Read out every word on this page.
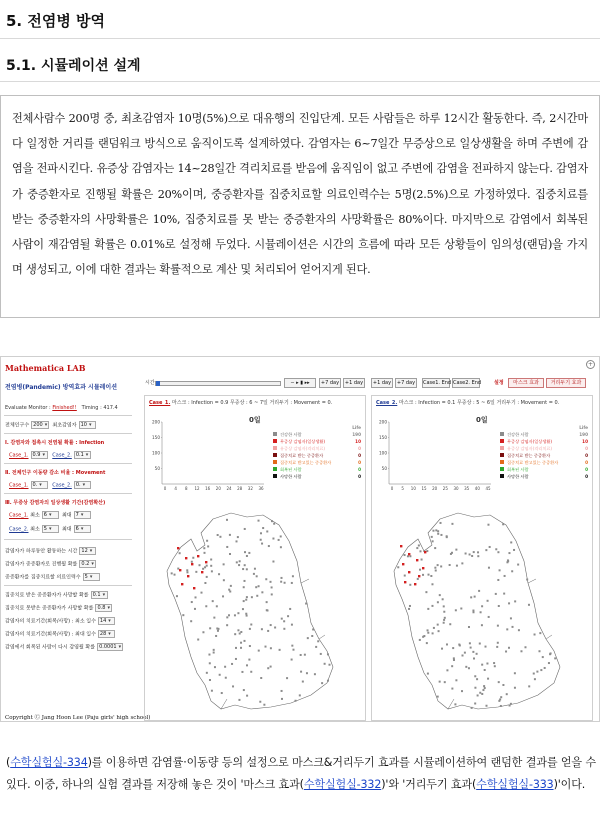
5. 전염병 방역
5.1. 시뮬레이션 설계

전체사람수 200명 중, 최초감염자 10명(5%)으로 대유행의 진입단계. 모든 사람들은 하루 12시간 활동한다. 즉, 2시간마다 일정한 거리를 랜덤워크 방식으로 움직이도록 설계하였다. 감염자는 6~7일간 무증상으로 일상생활을 하며 주변에 감염을 전파시킨다. 유증상 감염자는 14~28일간 격리치료를 받음에 움직임이 없고 주변에 감염을 전파하지 않는다. 감염자가 중증환자로 진행될 확률은 20%이며, 중증환자를 집중치료할 의료인력수는 5명(2.5%)으로 가정하였다. 집중치료를 받는 중증환자의 사망확률은 10%, 집중치료를 못 받는 중증환자의 사망확률은 80%이다. 마지막으로 감염에서 회복된 사람이 재감염될 확률은 0.01%로 설정해 두었다. 시뮬레이션은 시간의 흐름에 따라 모든 상황들이 임의성(랜덤)을 가지며 생성되고, 이에 대한 결과는 확률적으로 계산 및 처리되어 얻어지게 된다.

Mathematica LAB
전염병(Pandemic) 방역효과 시뮬레이션
+
Evaluate Monitor : Finished!! Timing : 417.4
전체인구수 200 ▾ 최초감염자 10 ▾
Ⅰ. 감염자와 접촉시 전염될 확률 : Infection
Case_1. 0.9 ▾ Case_2. 0.1 ▾
Ⅱ. 전체인구 이동량 감소 비율 : Movement
Case_1. 0. ▾	Case_2. 0. ▾
Ⅲ. 무증상 감염자의 일상생활 기간(감염확산)
Case_1. 최소 6 ▾	최대 7 ▾
Case_2. 최소 5 ▾	최대 6 ▾
감염자가 하루동안 활동하는 시간 12 ▾
감염자가 중증환자로 진행될 확률 0.2 ▾
중증환자를 집중치료할 의료인력수 5 ▾
집중치료 받은 중증환자가 사망할 확률 0.1 ▾
집중치료 못받은 중증환자가 사망할 확률 0.8 ▾
감염자의 치료기간(회복/사망) : 최소 일수 14 ▾
감염자의 치료기간(회복/사망) : 최대 일수 28 ▾
감염에서 회복된 사람이 다시 감염될 확률 0.0001 ▾
Copyright Ⓒ Jang Hoon Lee (Paju girls' high school)
시간	− ▸ ▮ ▸▸	+7 day	+1 day	+1 day	+7 day	Case1. End Case2. End	설정	마스크 효과	거리두기 효과
Case_1. 마스크 : Infection = 0.9 무증상 : 6 ~ 7일 거리두기 : Movement = 0.
0일
200
150
100
50
0 4 8 12 16 20 24 28 32 36
Life
건강한 사람	190
무증상 감염자(일상생활)	10
유증상 감염자(격리치료)	0
집중치료 받는 중증환자	0
집중치료 받고있는 중증환자	0
회복된 사람	0
사망한 사람	0
Case_2. 마스크 : Infection = 0.1 무증상 : 5 ~ 6일 거리두기 : Movement = 0.
0일
200
150
100
50
0 5 10 15 20 25 30 35 40 45
Life
건강한 사람	190
무증상 감염자(일상생활)	10
유증상 감염자(격리치료)	0
집중치료 받는 중증환자	0
집중치료 받고있는 중증환자	0
회복된 사람	0
사망한 사람	0
(수학실험실-334)를 이용하면 감염률·이동량 등의 설정으로 마스크&거리두기 효과를 시뮬레이션하여 랜덤한 결과를 얻을 수 있다. 이중, 하나의 실험 결과를 저장해 놓은 것이 '마스크 효과(수학실험실-332)'와 '거리두기 효과(수학실험실-333)'이다.
